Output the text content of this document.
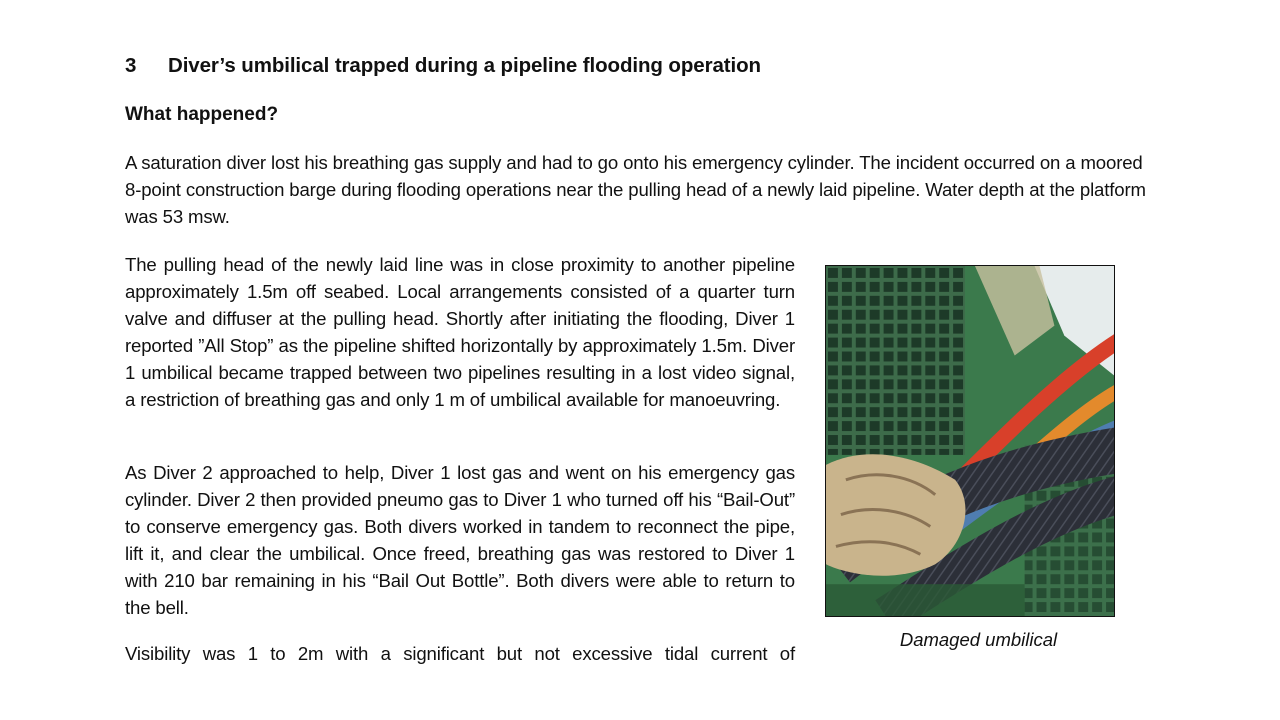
3 Diver’s umbilical trapped during a pipeline flooding operation
What happened?

A saturation diver lost his breathing gas supply and had to go onto his emergency cylinder. The incident occurred on a moored 8-point construction barge during flooding operations near the pulling head of a newly laid pipeline. Water depth at the platform was 53 msw.

The pulling head of the newly laid line was in close proximity to another pipeline approximately 1.5m off seabed. Local arrangements consisted of a quarter turn valve and diffuser at the pulling head. Shortly after initiating the flooding, Diver 1 reported ”All Stop” as the pipeline shifted horizontally by approximately 1.5m. Diver 1 umbilical became trapped between two pipelines resulting in a lost video signal, a restriction of breathing gas and only 1 m of umbilical available for manoeuvring.

As Diver 2 approached to help, Diver 1 lost gas and went on his emergency gas cylinder. Diver 2 then provided pneumo gas to Diver 1 who turned off his “Bail-Out” to conserve emergency gas. Both divers worked in tandem to reconnect the pipe, lift it, and clear the umbilical. Once freed, breathing gas was restored to Diver 1 with 210 bar remaining in his “Bail Out Bottle”. Both divers were able to return to the bell.

Visibility was 1 to 2m with a significant but not excessive tidal current of

Damaged umbilical
